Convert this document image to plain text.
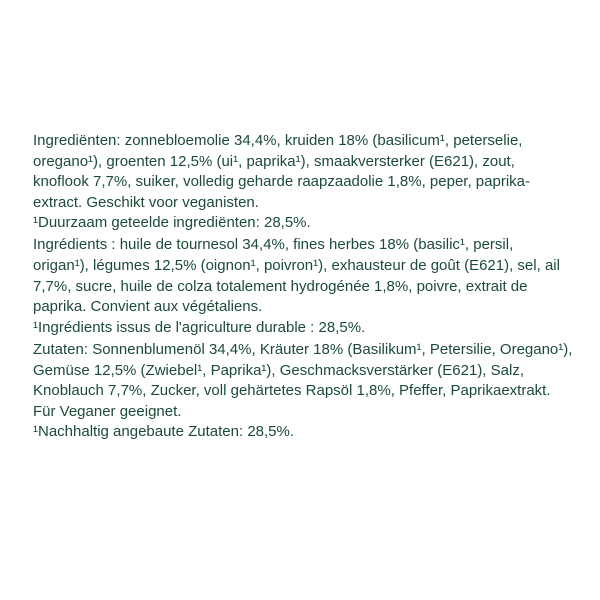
Ingrediënten: zonnebloemolie 34,4%, kruiden 18% (basilicum¹, peterselie, oregano¹), groenten 12,5% (ui¹, paprika¹), smaakversterker (E621), zout, knoflook 7,7%, suiker, volledig geharde raapzaadolie 1,8%, peper, paprika-extract. Geschikt voor veganisten.

¹Duurzaam geteelde ingrediënten: 28,5%.

Ingrédients : huile de tournesol 34,4%, fines herbes 18% (basilic¹, persil, origan¹), légumes 12,5% (oignon¹, poivron¹), exhausteur de goût (E621), sel, ail 7,7%, sucre, huile de colza totalement hydrogénée 1,8%, poivre, extrait de paprika. Convient aux végétaliens.

¹Ingrédients issus de l'agriculture durable : 28,5%.

Zutaten: Sonnenblumenöl 34,4%, Kräuter 18% (Basilikum¹, Petersilie, Oregano¹), Gemüse 12,5% (Zwiebel¹, Paprika¹), Geschmacksverstärker (E621), Salz, Knoblauch 7,7%, Zucker, voll gehärtetes Rapsöl 1,8%, Pfeffer, Paprikaextrakt. Für Veganer geeignet.

¹Nachhaltig angebaute Zutaten: 28,5%.
